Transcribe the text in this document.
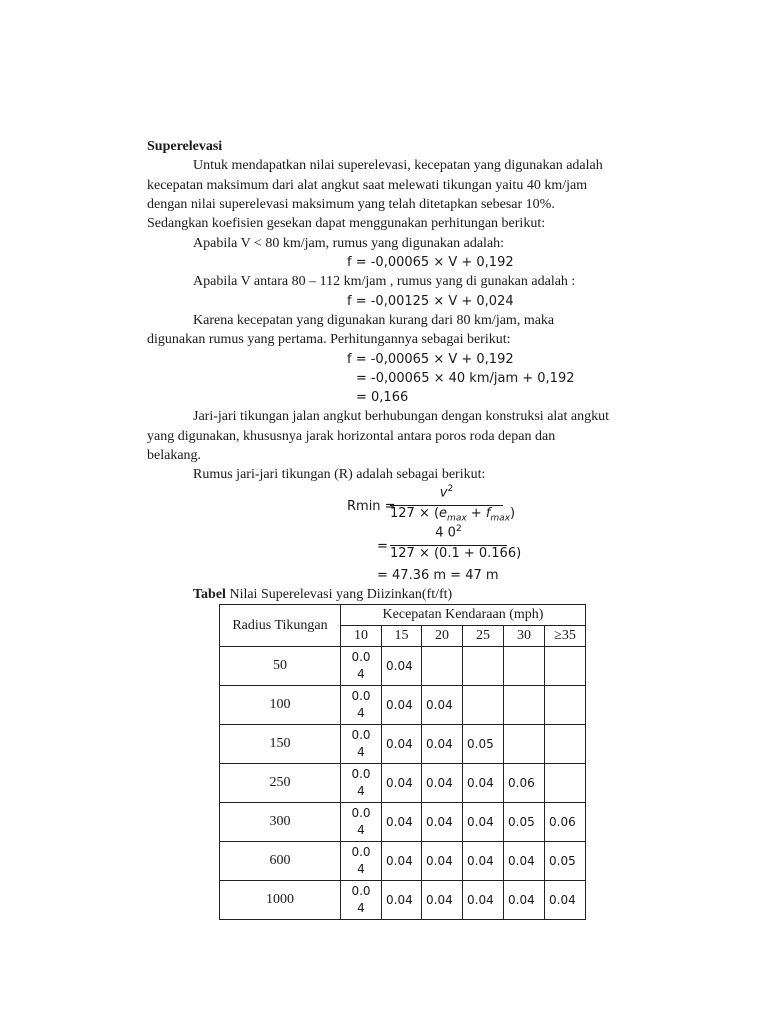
Superelevasi
Untuk mendapatkan nilai superelevasi, kecepatan yang digunakan adalah
kecepatan maksimum dari alat angkut saat melewati tikungan yaitu 40 km/jam
dengan nilai superelevasi maksimum yang telah ditetapkan sebesar 10%.
Sedangkan koefisien gesekan dapat menggunakan perhitungan berikut:
Apabila V < 80 km/jam, rumus yang digunakan adalah:
f = -0,00065 × V + 0,192
Apabila V antara 80 – 112 km/jam , rumus yang di gunakan adalah :
f = -0,00125 × V + 0,024
Karena kecepatan yang digunakan kurang dari 80 km/jam, maka
digunakan rumus yang pertama. Perhitungannya sebagai berikut:
f = -0,00065 × V + 0,192
= -0,00065 × 40 km/jam + 0,192
= 0,166
Jari-jari tikungan jalan angkut berhubungan dengan konstruksi alat angkut
yang digunakan, khususnya jarak horizontal antara poros roda depan dan
belakang.
Rumus jari-jari tikungan (R) adalah sebagai berikut:
Rmin =
$v^2$
$127 \times (e_{max} + f_{max})$
=
4 $0^2$
127 × (0.1 + 0.166)
= 47.36 m = 47 m
Tabel Nilai Superelevasi yang Diizinkan(ft/ft)
Radius Tikungan	Kecepatan Kendaraan (mph)					
	10	15	20	25	30	≥35
50	0.0
4	0.04				
100	0.0
4	0.04	0.04			
150	0.0
4	0.04	0.04	0.05		
250	0.0
4	0.04	0.04	0.04	0.06	
300	0.0
4	0.04	0.04	0.04	0.05	0.06
600	0.0
4	0.04	0.04	0.04	0.04	0.05
1000	0.0
4	0.04	0.04	0.04	0.04	0.04
